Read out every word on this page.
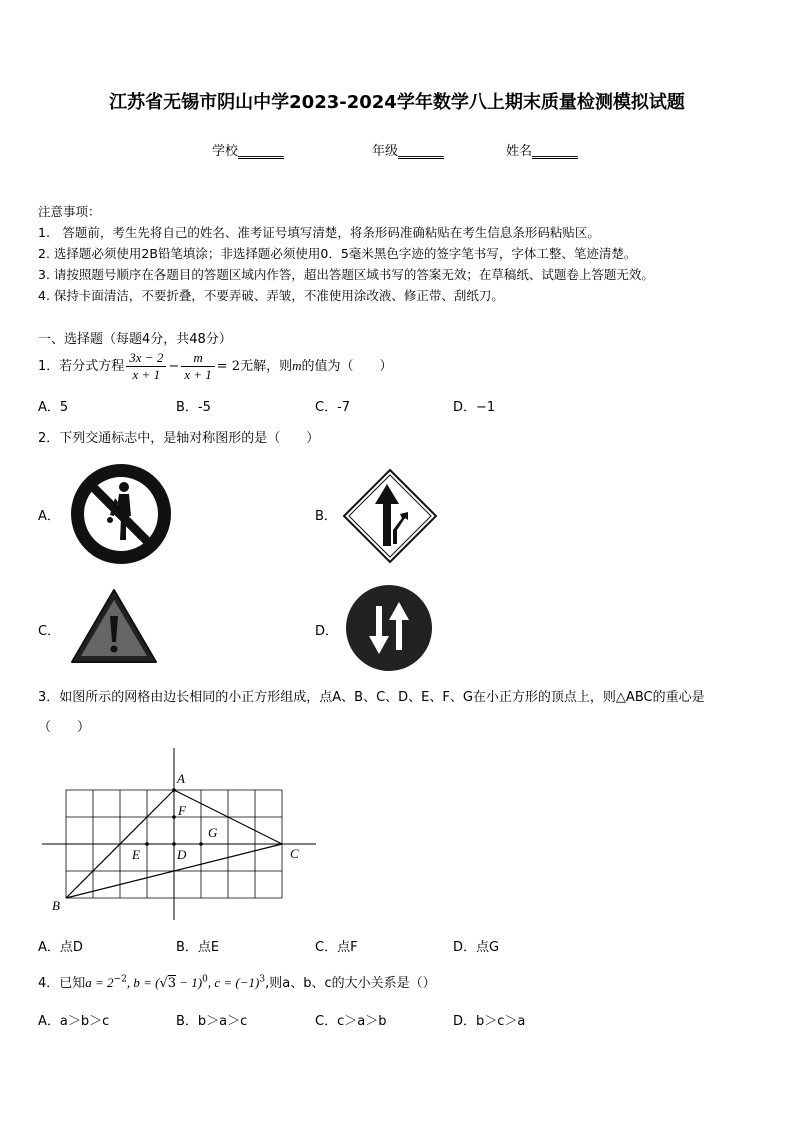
江苏省无锡市阴山中学2023-2024学年数学八上期末质量检测模拟试题
学校_______	年级_______	姓名_______
注意事项：
1.　答题前，考生先将自己的姓名、准考证号填写清楚，将条形码准确粘贴在考生信息条形码粘贴区。
2. 选择题必须使用2B铅笔填涂；非选择题必须使用0．5毫米黑色字迹的签字笔书写，字体工整、笔迹清楚。
3. 请按照题号顺序在各题目的答题区域内作答，超出答题区域书写的答案无效；在草稿纸、试题卷上答题无效。
4. 保持卡面清洁，不要折叠，不要弄破、弄皱，不准使用涂改液、修正带、刮纸刀。
一、选择题（每题4分，共48分）
1．若分式方程 $\frac{3x - 2}{x + 1} - \frac{m}{x + 1} = 2$无解，则m的值为（　　）
A．5	B．-5	C．-7	D．−1
2．下列交通标志中，是轴对称图形的是（　　）
A．	B．
C．	D．
3．如图所示的网格由边长相同的小正方形组成，点A、B、C、D、E、F、G在小正方形的顶点上，则△ABC的重心是
（　　）
A
F
G
E	D	C
B
A．点D	B．点E	C．点F	D．点G
4．已知$a = 2^{-2}$, $b = (√3 - 1)^0$, $c = (-1)^3$,则a、b、c的大小关系是（）
A．a＞b＞c	B．b＞a＞c	C．c＞a＞b	D．b＞c＞a
